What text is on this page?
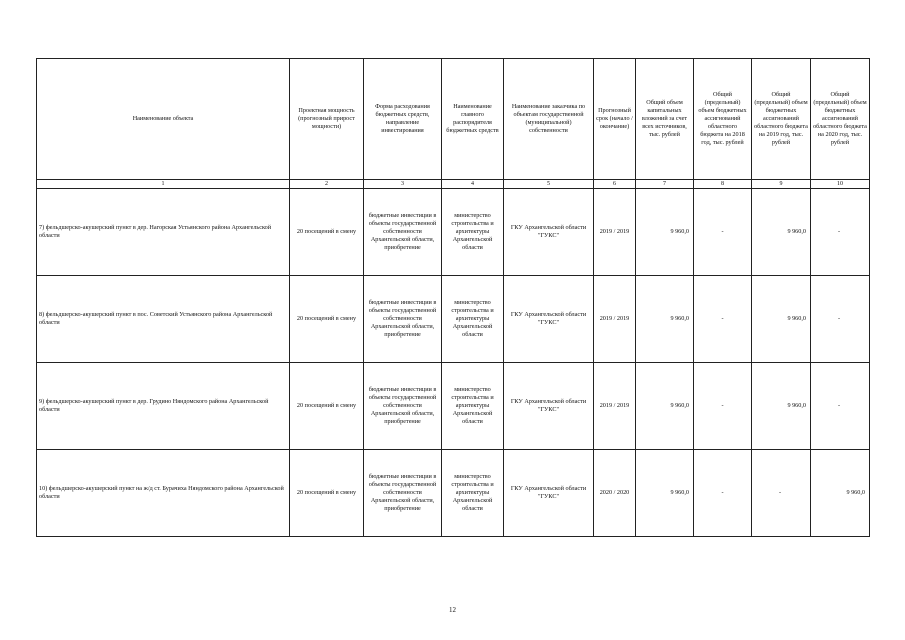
Наименование объекта	Проектная мощность (прогнозный прирост мощности)	Форма расходования бюджетных средств, направление инвестирования	Наименование главного распорядителя бюджетных средств	Наименование заказчика по объектам государственной (муниципальной) собственности	Прогнозный срок (начало / окончание)	Общий объем капитальных вложений за счет всех источников, тыс. рублей	Общий (предельный) объем бюджетных ассигнований областного бюджета на 2018 год, тыс. рублей	Общий (предельный) объем бюджетных ассигнований областного бюджета на 2019 год, тыс. рублей	Общий (предельный) объем бюджетных ассигнований областного бюджета на 2020 год, тыс. рублей
1	2	3	4	5	6	7	8	9	10
7) фельдшерско-акушерский пункт в дер. Нагорская Устьянского района Архангельской области	20 посещений в смену	бюджетные инвестиции в объекты государственной собственности Архангельской области, приобретение	министерство строительства и архитектуры Архангельской области	ГКУ Архангельской области "ГУКС"	2019 / 2019	9 960,0	-	9 960,0	-
8) фельдшерско-акушерский пункт в пос. Советский Устьянского района Архангельской области	20 посещений в смену	бюджетные инвестиции в объекты государственной собственности Архангельской области, приобретение	министерство строительства и архитектуры Архангельской области	ГКУ Архангельской области "ГУКС"	2019 / 2019	9 960,0	-	9 960,0	-
9) фельдшерско-акушерский пункт в дер. Грудино Няндомского района Архангельской области	20 посещений в смену	бюджетные инвестиции в объекты государственной собственности Архангельской области, приобретение	министерство строительства и архитектуры Архангельской области	ГКУ Архангельской области "ГУКС"	2019 / 2019	9 960,0	-	9 960,0	-
10) фельдшерско-акушерский пункт на ж/д ст. Бурачиха Няндомского района Архангельской области	20 посещений в смену	бюджетные инвестиции в объекты государственной собственности Архангельской области, приобретение	министерство строительства и архитектуры Архангельской области	ГКУ Архангельской области "ГУКС"	2020 / 2020	9 960,0	-	-	9 960,0
12
